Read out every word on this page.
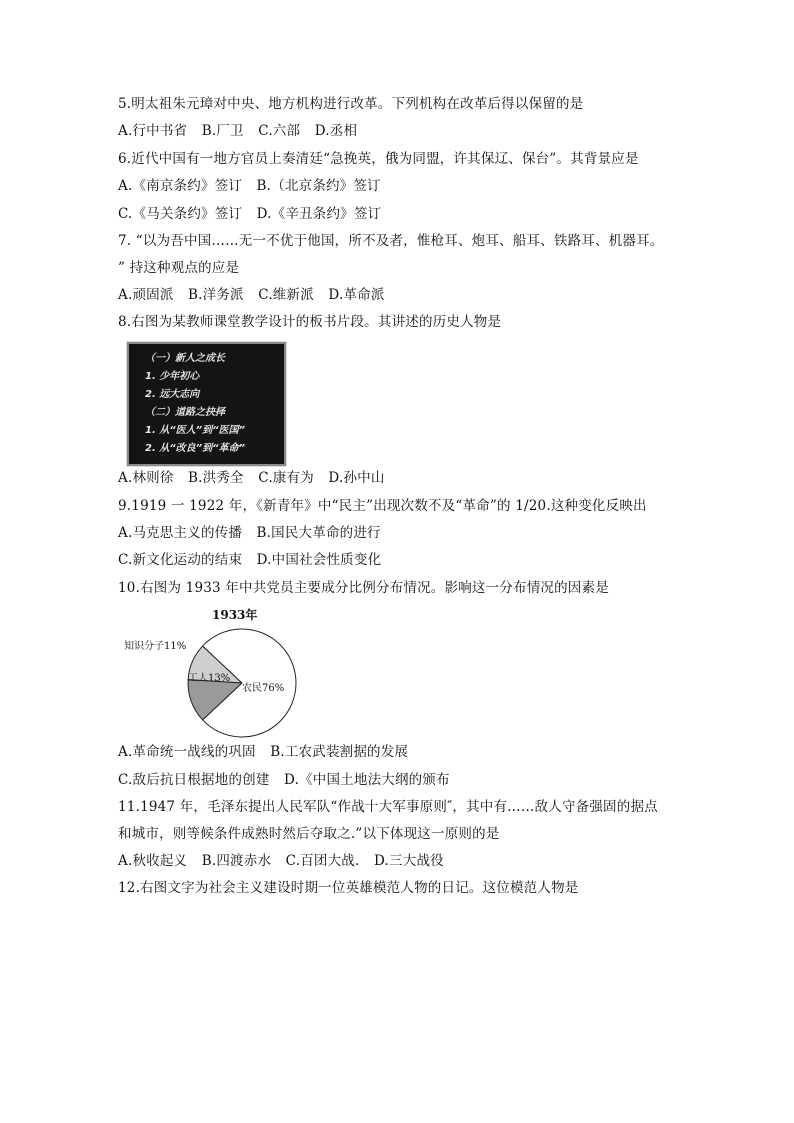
5.明太祖朱元璋对中央、地方机构进行改革。下列机构在改革后得以保留的是
A.行中书省 B.厂卫 C.六部 D.丞相
6.近代中国有一地方官员上奏清廷“急挽英，俄为同盟，许其保辽、保台”。其背景应是
A.《南京条约》签订 B.（北京条约》签订
C.《马关条约》签订 D.《辛丑条约》签订
7. “以为吾中国……无一不优于他国，所不及者，惟枪耳、炮耳、船耳、铁路耳、机器耳。
” 持这种观点的应是
A.顽固派 B.洋务派 C.维新派 D.革命派
8.右图为某教师课堂教学设计的板书片段。其讲述的历史人物是
（一）新人之成长
1. 少年初心
2. 远大志向
（二）道路之抉择
1. 从“医人”到“医国”
2. 从“改良”到“革命”
A.林则徐 B.洪秀全 C.康有为 D.孙中山
9.1919 一 1922 年，《新青年》中“民主”出现次数不及“革命”的 1/20.这种变化反映出
A.马克思主义的传播 B.国民大革命的进行
C.新文化运动的结束 D.中国社会性质变化
10.右图为 1933 年中共党员主要成分比例分布情况。影响这一分布情况的因素是
1933年
农民76%
知识分子11%
工人13%
A.革命统一战线的巩固 B.工农武装割据的发展
C.敌后抗日根据地的创建 D.《中国土地法大纲的颁布
11.1947 年，毛泽东提出人民军队“作战十大军事原则″，其中有……敌人守备强固的据点
和城市，则等候条件成熟时然后夺取之.”以下体现这一原则的是
A.秋收起义 B.四渡赤水 C.百团大战. D.三大战役
12.右图文字为社会主义建设时期一位英雄模范人物的日记。这位模范人物是
